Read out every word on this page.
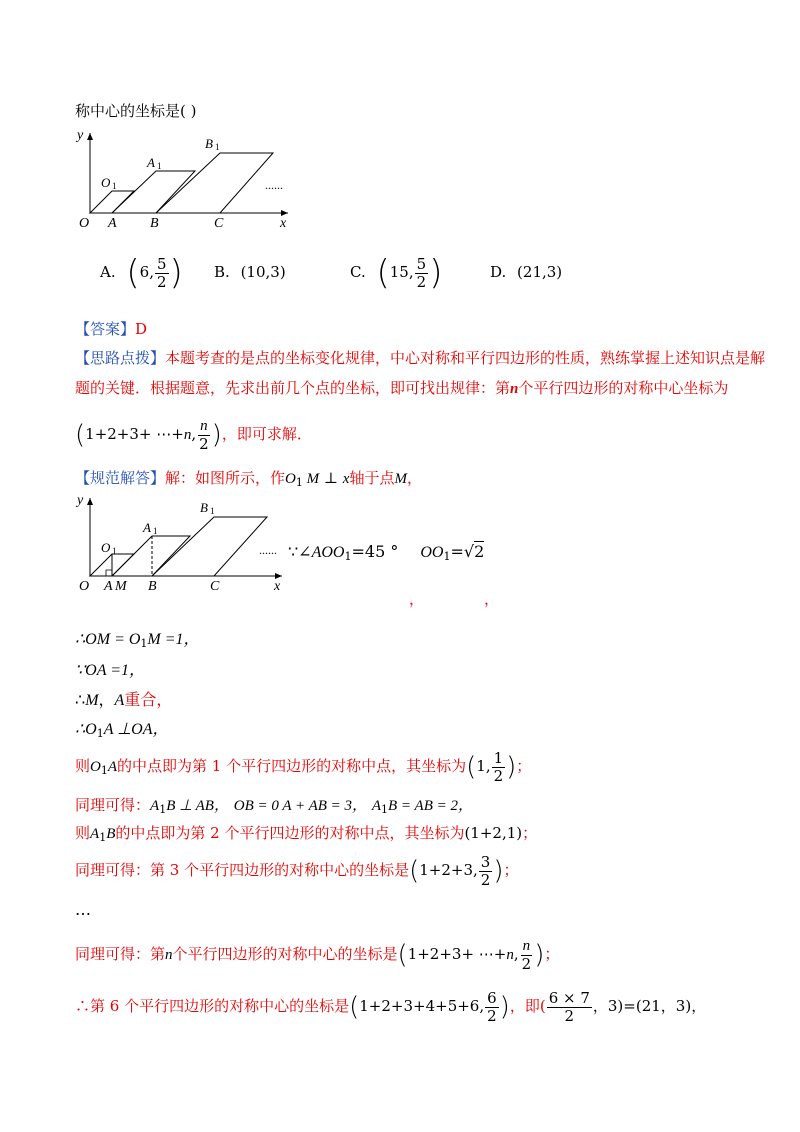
称中心的坐标是( )
y
x
O A B	C
O 1
A 1
B 1
......
A. (6, $\frac{5}{2}$ ) B. (10,3)	C. (15, $\frac{5}{2}$ )	D. (21,3)
【答案】D
【思路点拨】本题考查的是点的坐标变化规律，中心对称和平行四边形的性质，熟练掌握上述知识点是解
题的关键．根据题意，先求出前几个点的坐标，即可找出规律：第n个平行四边形的对称中心坐标为
(1+2+3+ ⋯+n, $\frac{n}{2}$ )，即可求解．
【规范解答】解：如图所示，作$O_1$ M ⊥ x轴于点M，
y
x
O A M B	C
O 1
A 1
B 1
...... $\because\angle AOO_1=45$ ° $OO_1=√2$
，	，
∴OM = $O_1M =1$，
∵OA =1，
∴M，A重合，
$\therefore O_1A$ ⊥OA，
则$O_1A$的中点即为第 1 个平行四边形的对称中点，其坐标为(1, $\frac{1}{2}$ )；
同理可得：$A_1B$ ⊥ AB， OB = 0 A + AB = 3， $A_1B$ = AB = 2，
则$A_1B$的中点即为第 2 个平行四边形的对称中点，其坐标为(1+2,1)；
同理可得：第 3 个平行四边形的对称中心的坐标是(1+2+3, $\frac{3}{2}$ )；
…
同理可得：第n个平行四边形的对称中心的坐标是(1+2+3+ ⋯+n, $\frac{n}{2}$ )；
∴第 6 个平行四边形的对称中心的坐标是(1+2+3+4+5+6, $\frac{6}{2}$ )，即( $\frac{6 \times 7}{2}$ ，3)=(21，3)，
